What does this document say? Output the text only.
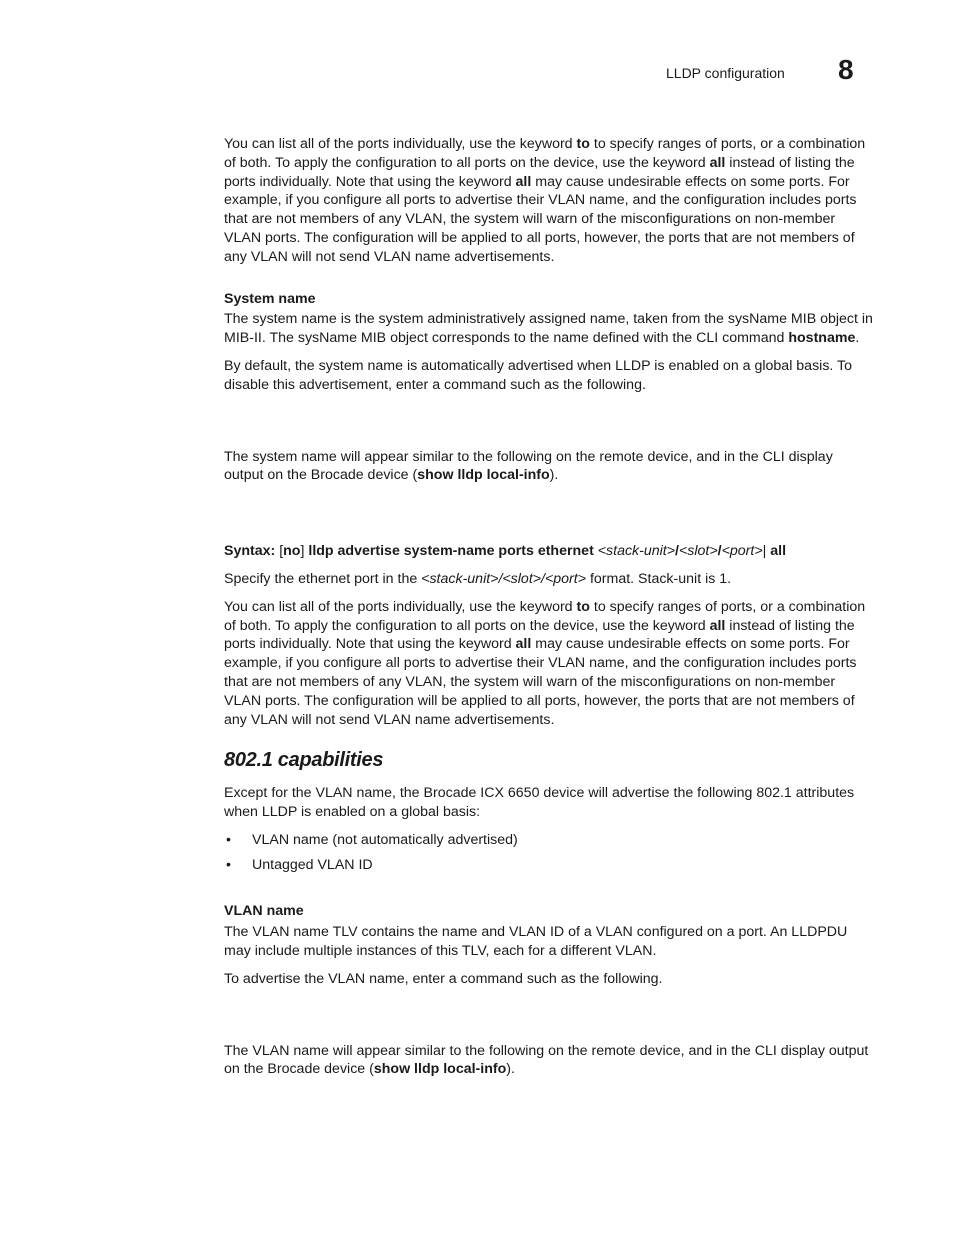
LLDP configuration 8

You can list all of the ports individually, use the keyword to to specify ranges of ports, or a combination of both. To apply the configuration to all ports on the device, use the keyword all instead of listing the ports individually. Note that using the keyword all may cause undesirable effects on some ports. For example, if you configure all ports to advertise their VLAN name, and the configuration includes ports that are not members of any VLAN, the system will warn of the misconfigurations on non-member VLAN ports. The configuration will be applied to all ports, however, the ports that are not members of any VLAN will not send VLAN name advertisements.

System name

The system name is the system administratively assigned name, taken from the sysName MIB object in MIB-II. The sysName MIB object corresponds to the name defined with the CLI command hostname.

By default, the system name is automatically advertised when LLDP is enabled on a global basis. To disable this advertisement, enter a command such as the following.

The system name will appear similar to the following on the remote device, and in the CLI display output on the Brocade device (show lldp local-info).

Syntax: [no] lldp advertise system-name ports ethernet <stack-unit>/<slot>/<port>| all

Specify the ethernet port in the <stack-unit>/<slot>/<port> format. Stack-unit is 1.

You can list all of the ports individually, use the keyword to to specify ranges of ports, or a combination of both. To apply the configuration to all ports on the device, use the keyword all instead of listing the ports individually. Note that using the keyword all may cause undesirable effects on some ports. For example, if you configure all ports to advertise their VLAN name, and the configuration includes ports that are not members of any VLAN, the system will warn of the misconfigurations on non-member VLAN ports. The configuration will be applied to all ports, however, the ports that are not members of any VLAN will not send VLAN name advertisements.

802.1 capabilities

Except for the VLAN name, the Brocade ICX 6650 device will advertise the following 802.1 attributes when LLDP is enabled on a global basis:

• VLAN name (not automatically advertised)
• Untagged VLAN ID
VLAN name

The VLAN name TLV contains the name and VLAN ID of a VLAN configured on a port. An LLDPDU may include multiple instances of this TLV, each for a different VLAN.

To advertise the VLAN name, enter a command such as the following.

The VLAN name will appear similar to the following on the remote device, and in the CLI display output on the Brocade device (show lldp local-info).
